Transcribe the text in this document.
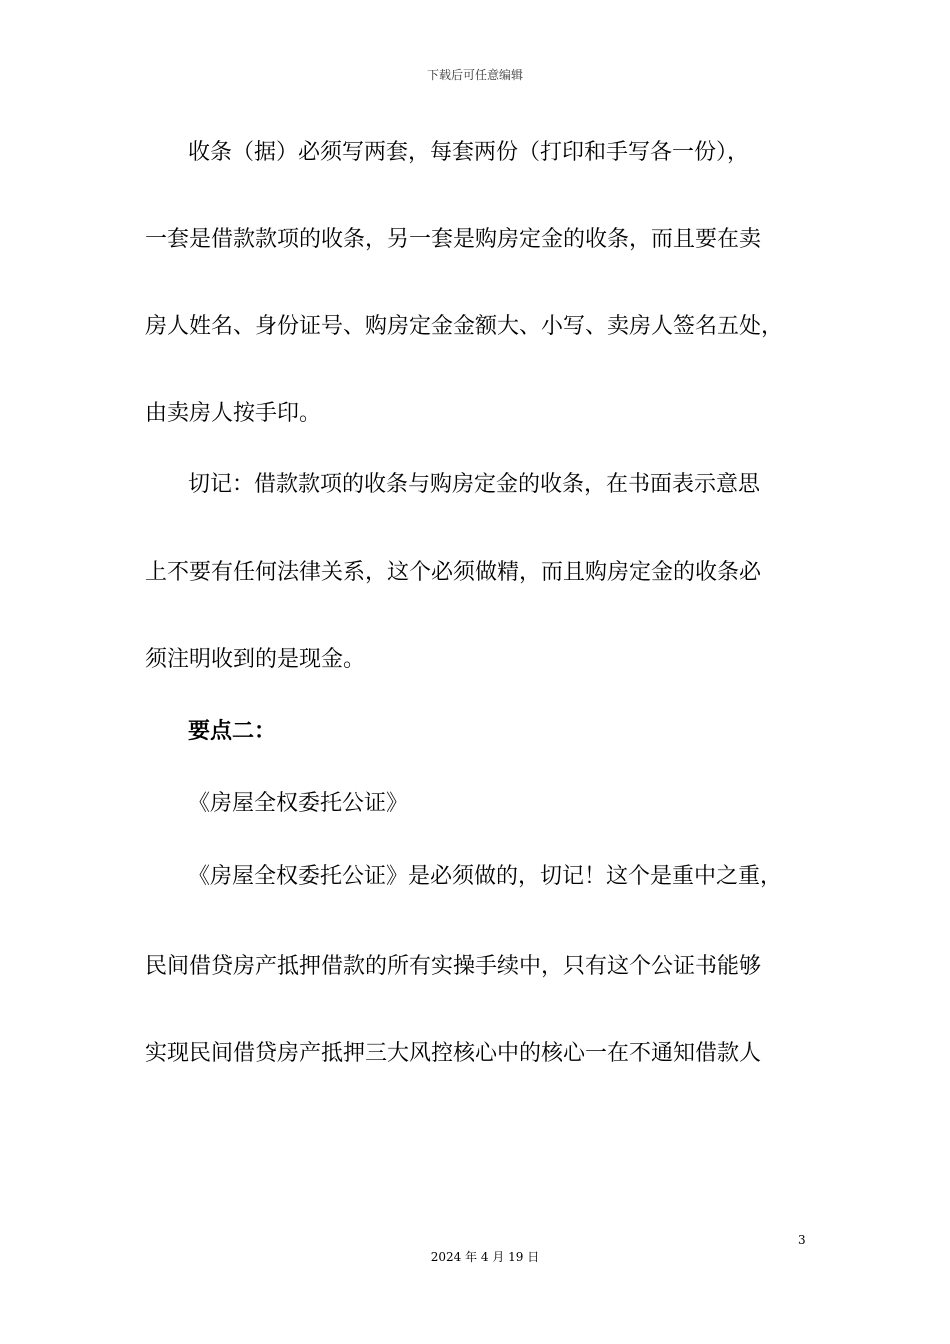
下载后可任意编辑
收条（据）必须写两套，每套两份（打印和手写各一份），
一套是借款款项的收条，另一套是购房定金的收条，而且要在卖
房人姓名、身份证号、购房定金金额大、小写、卖房人签名五处，
由卖房人按手印。
切记：借款款项的收条与购房定金的收条，在书面表示意思
上不要有任何法律关系，这个必须做精，而且购房定金的收条必
须注明收到的是现金。
要点二：
《房屋全权委托公证》
《房屋全权委托公证》是必须做的，切记！这个是重中之重，
民间借贷房产抵押借款的所有实操手续中，只有这个公证书能够
实现民间借贷房产抵押三大风控核心中的核心一在不通知借款人
3
2024 年 4 月 19 日
